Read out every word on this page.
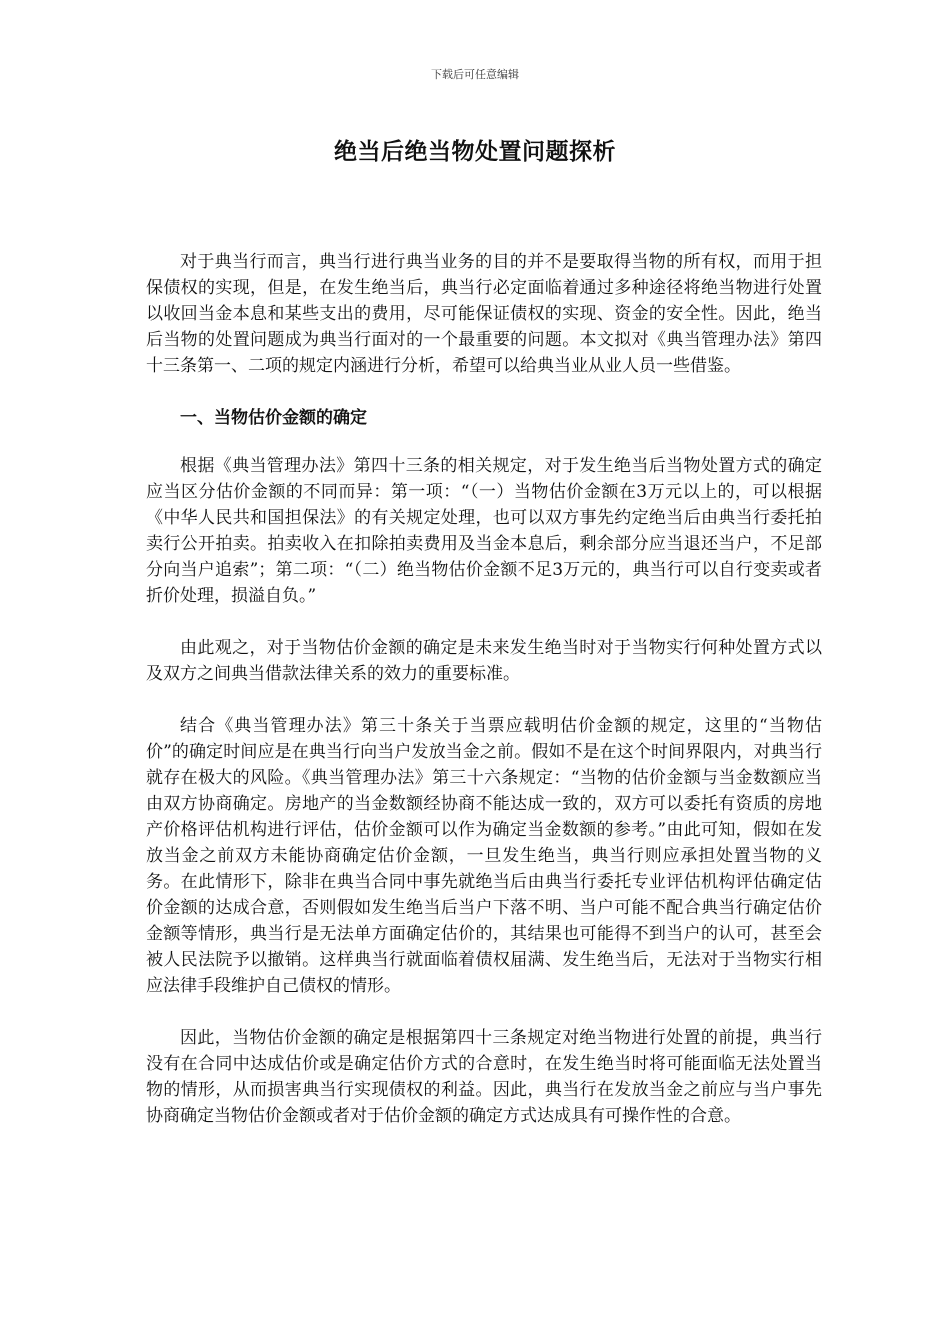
下载后可任意编辑
绝当后绝当物处置问题探析

对于典当行而言，典当行进行典当业务的目的并不是要取得当物的所有权，而用于担保债权的实现，但是，在发生绝当后，典当行必定面临着通过多种途径将绝当物进行处置以收回当金本息和某些支出的费用，尽可能保证债权的实现、资金的安全性。因此，绝当后当物的处置问题成为典当行面对的一个最重要的问题。本文拟对《典当管理办法》第四十三条第一、二项的规定内涵进行分析，希望可以给典当业从业人员一些借鉴。

一、当物估价金额的确定

根据《典当管理办法》第四十三条的相关规定，对于发生绝当后当物处置方式的确定应当区分估价金额的不同而异：第一项：“（一）当物估价金额在3万元以上的，可以根据《中华人民共和国担保法》的有关规定处理，也可以双方事先约定绝当后由典当行委托拍卖行公开拍卖。拍卖收入在扣除拍卖费用及当金本息后，剩余部分应当退还当户，不足部分向当户追索”；第二项：“（二）绝当物估价金额不足3万元的，典当行可以自行变卖或者折价处理，损溢自负。”

由此观之，对于当物估价金额的确定是未来发生绝当时对于当物实行何种处置方式以及双方之间典当借款法律关系的效力的重要标准。

结合《典当管理办法》第三十条关于当票应载明估价金额的规定，这里的“当物估价”的确定时间应是在典当行向当户发放当金之前。假如不是在这个时间界限内，对典当行就存在极大的风险。《典当管理办法》第三十六条规定：“当物的估价金额与当金数额应当由双方协商确定。房地产的当金数额经协商不能达成一致的，双方可以委托有资质的房地产价格评估机构进行评估，估价金额可以作为确定当金数额的参考。”由此可知，假如在发放当金之前双方未能协商确定估价金额，一旦发生绝当，典当行则应承担处置当物的义务。在此情形下，除非在典当合同中事先就绝当后由典当行委托专业评估机构评估确定估价金额的达成合意，否则假如发生绝当后当户下落不明、当户可能不配合典当行确定估价金额等情形，典当行是无法单方面确定估价的，其结果也可能得不到当户的认可，甚至会被人民法院予以撤销。这样典当行就面临着债权届满、发生绝当后，无法对于当物实行相应法律手段维护自己债权的情形。

因此，当物估价金额的确定是根据第四十三条规定对绝当物进行处置的前提，典当行没有在合同中达成估价或是确定估价方式的合意时，在发生绝当时将可能面临无法处置当物的情形，从而损害典当行实现债权的利益。因此，典当行在发放当金之前应与当户事先协商确定当物估价金额或者对于估价金额的确定方式达成具有可操作性的合意。
